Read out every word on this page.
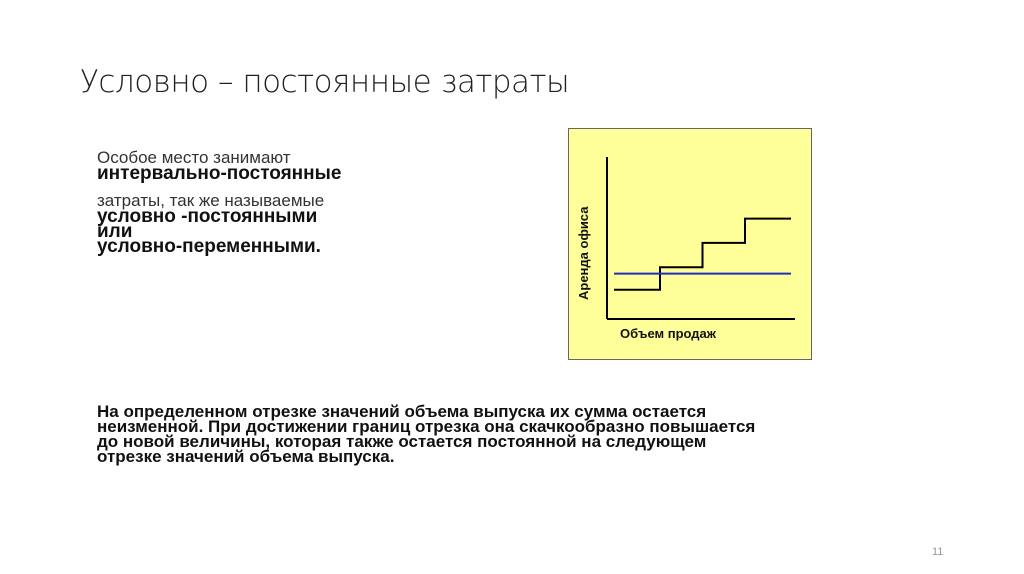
Условно – постоянные затраты
Особое место занимают
интервально-постоянные
затраты, так же называемые
условно -постоянными
или
условно-переменными.	Аренда офиса
Объем продаж
На определенном отрезке значений объема выпуска их сумма остается
неизменной. При достижении границ отрезка она скачкообразно повышается
до новой величины, которая также остается постоянной на следующем
отрезке значений объема выпуска.
11
